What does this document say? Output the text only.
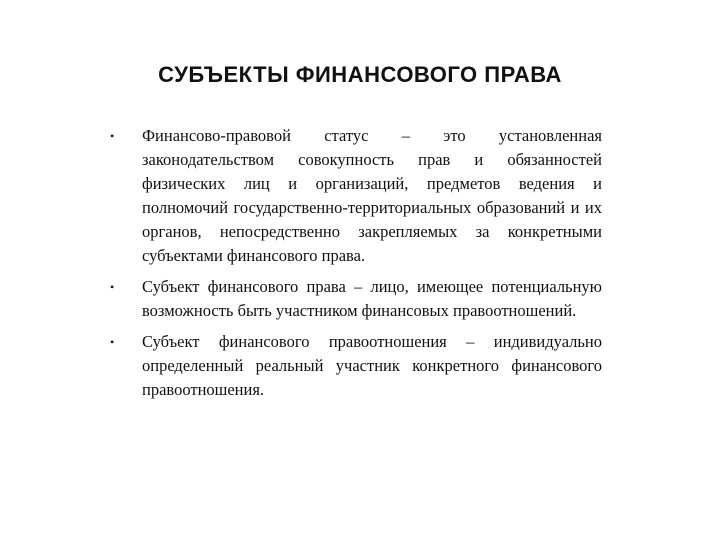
СУБЪЕКТЫ ФИНАНСОВОГО ПРАВА
•	Финансово-правовой статус – это установленная законодательством совокупность прав и обязанностей физических лиц и организаций, предметов ведения и полномочий государственно-территориальных образований и их органов, непосредственно закрепляемых за конкретными субъектами финансового права.
•	Субъект финансового права – лицо, имеющее потенциальную возможность быть участником финансовых правоотношений.
•	Субъект финансового правоотношения – индивидуально определенный реальный участник конкретного финансового правоотношения.
